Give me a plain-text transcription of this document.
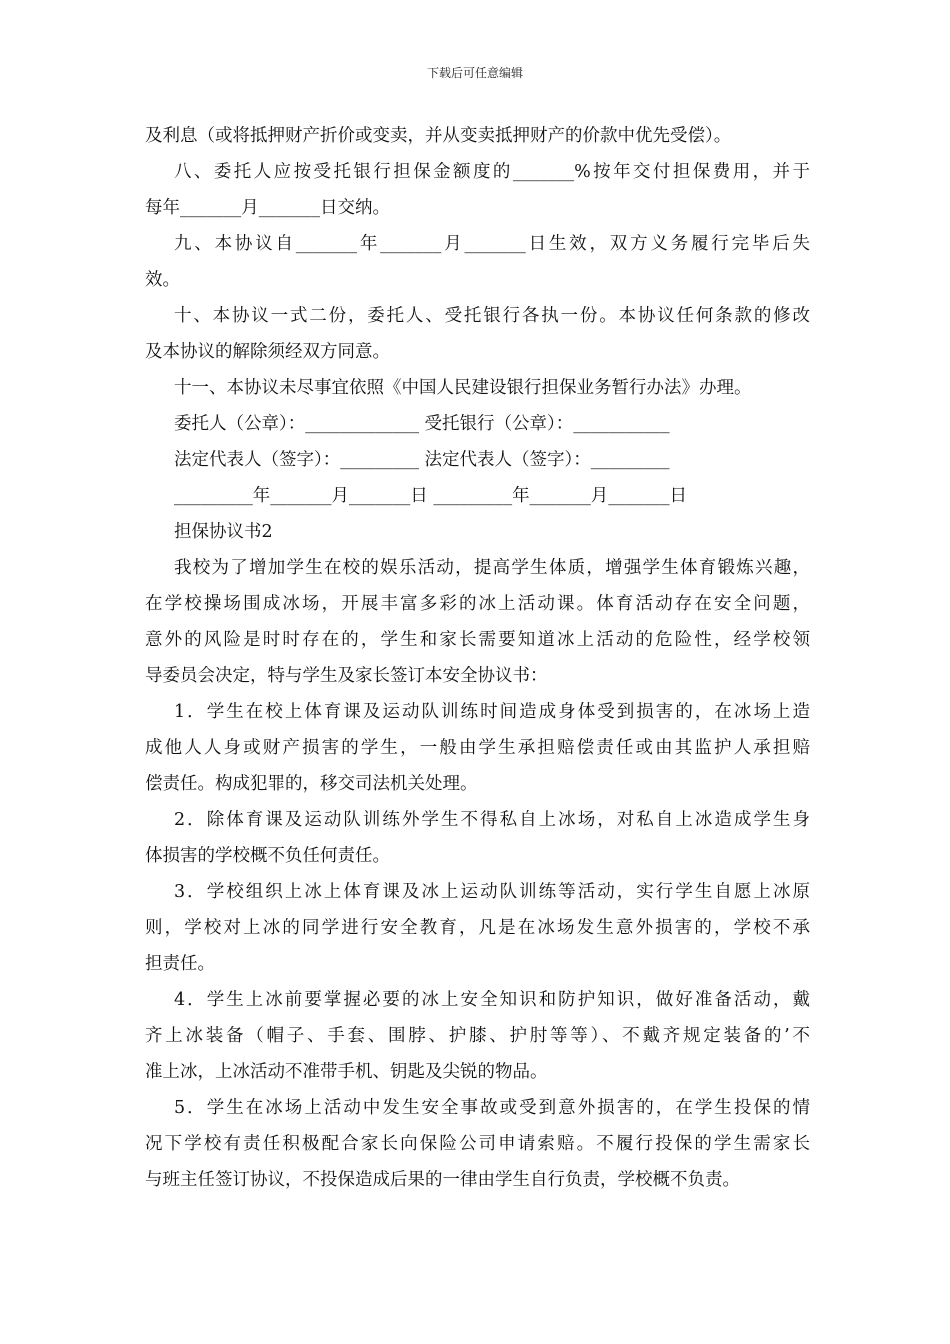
下载后可任意编辑
及利息（或将抵押财产折价或变卖，并从变卖抵押财产的价款中优先受偿）。
八、委托人应按受托银行担保金额度的_______%按年交付担保费用，并于
每年_______月_______日交纳。
九、本协议自_______年_______月_______日生效，双方义务履行完毕后失
效。
十、本协议一式二份，委托人、受托银行各执一份。本协议任何条款的修改
及本协议的解除须经双方同意。
十一、本协议未尽事宜依照《中国人民建设银行担保业务暂行办法》办理。
委托人（公章）：_____________ 受托银行（公章）：___________
法定代表人（签字）：_________ 法定代表人（签字）：_________
_________年_______月_______日 _________年_______月_______日
担保协议书2
我校为了增加学生在校的娱乐活动，提高学生体质，增强学生体育锻炼兴趣，
在学校操场围成冰场，开展丰富多彩的冰上活动课。体育活动存在安全问题，
意外的风险是时时存在的，学生和家长需要知道冰上活动的危险性，经学校领
导委员会决定，特与学生及家长签订本安全协议书：
1．学生在校上体育课及运动队训练时间造成身体受到损害的，在冰场上造
成他人人身或财产损害的学生，一般由学生承担赔偿责任或由其监护人承担赔
偿责任。构成犯罪的，移交司法机关处理。
2．除体育课及运动队训练外学生不得私自上冰场，对私自上冰造成学生身
体损害的学校概不负任何责任。
3．学校组织上冰上体育课及冰上运动队训练等活动，实行学生自愿上冰原
则，学校对上冰的同学进行安全教育，凡是在冰场发生意外损害的，学校不承
担责任。
4．学生上冰前要掌握必要的冰上安全知识和防护知识，做好准备活动，戴
齐上冰装备（帽子、手套、围脖、护膝、护肘等等）、不戴齐规定装备的’不
准上冰，上冰活动不准带手机、钥匙及尖锐的物品。
5．学生在冰场上活动中发生安全事故或受到意外损害的，在学生投保的情
况下学校有责任积极配合家长向保险公司申请索赔。不履行投保的学生需家长
与班主任签订协议，不投保造成后果的一律由学生自行负责，学校概不负责。
